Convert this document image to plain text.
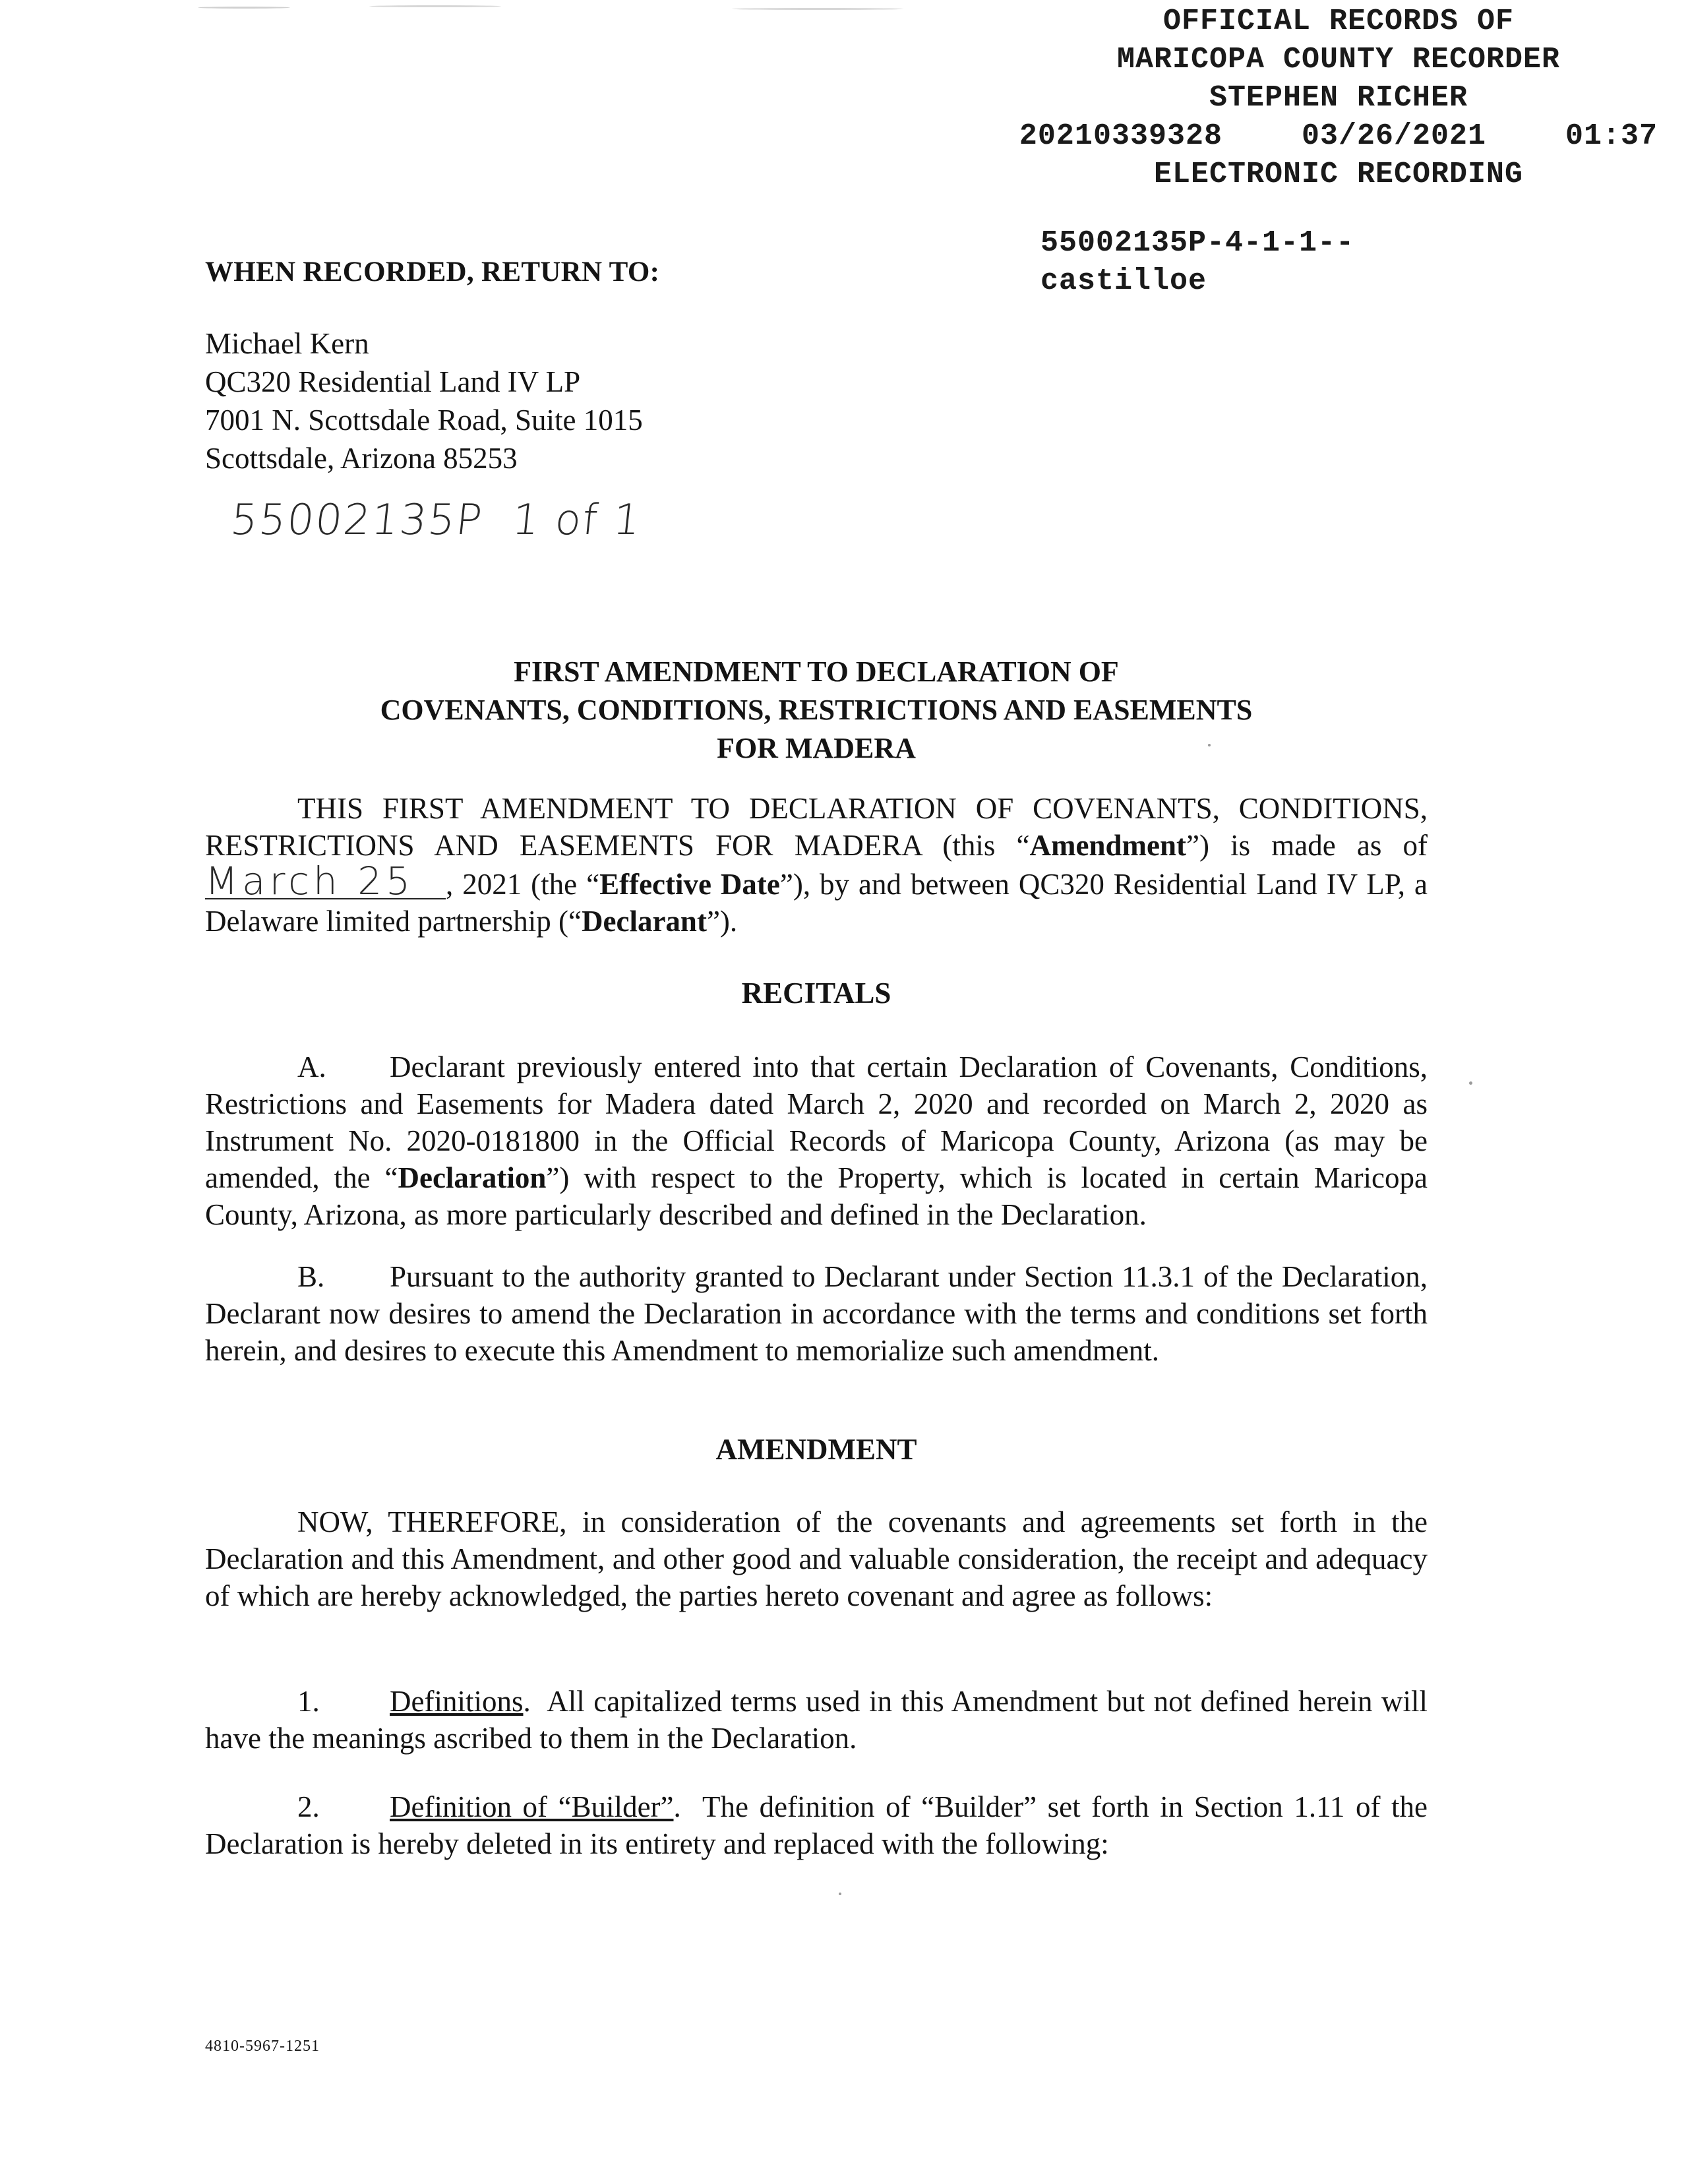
OFFICIAL RECORDS OF
MARICOPA COUNTY RECORDER
STEPHEN RICHER
20210339328   03/26/2021   01:37
ELECTRONIC RECORDING
55002135P-4-1-1--
castilloe
WHEN RECORDED, RETURN TO:
Michael Kern
QC320 Residential Land IV LP
7001 N. Scottsdale Road, Suite 1015
Scottsdale, Arizona 85253
55002135P  1 of 1
FIRST AMENDMENT TO DECLARATION OF
COVENANTS, CONDITIONS, RESTRICTIONS AND EASEMENTS
FOR MADERA

THIS FIRST AMENDMENT TO DECLARATION OF COVENANTS, CONDITIONS, RESTRICTIONS AND EASEMENTS FOR MADERA (this “Amendment”) is made as of March 25 , 2021 (the “Effective Date”), by and between QC320 Residential Land IV LP, a Delaware limited partnership (“Declarant”).

RECITALS

A. Declarant previously entered into that certain Declaration of Covenants, Conditions, Restrictions and Easements for Madera dated March 2, 2020 and recorded on March 2, 2020 as Instrument No. 2020-0181800 in the Official Records of Maricopa County, Arizona (as may be amended, the “Declaration”) with respect to the Property, which is located in certain Maricopa County, Arizona, as more particularly described and defined in the Declaration.

B. Pursuant to the authority granted to Declarant under Section 11.3.1 of the Declaration, Declarant now desires to amend the Declaration in accordance with the terms and conditions set forth herein, and desires to execute this Amendment to memorialize such amendment.

AMENDMENT

NOW, THEREFORE, in consideration of the covenants and agreements set forth in the Declaration and this Amendment, and other good and valuable consideration, the receipt and adequacy of which are hereby acknowledged, the parties hereto covenant and agree as follows:

1. Definitions.  All capitalized terms used in this Amendment but not defined herein will have the meanings ascribed to them in the Declaration.

2. Definition of “Builder”.  The definition of “Builder” set forth in Section 1.11 of the Declaration is hereby deleted in its entirety and replaced with the following:

4810-5967-1251
